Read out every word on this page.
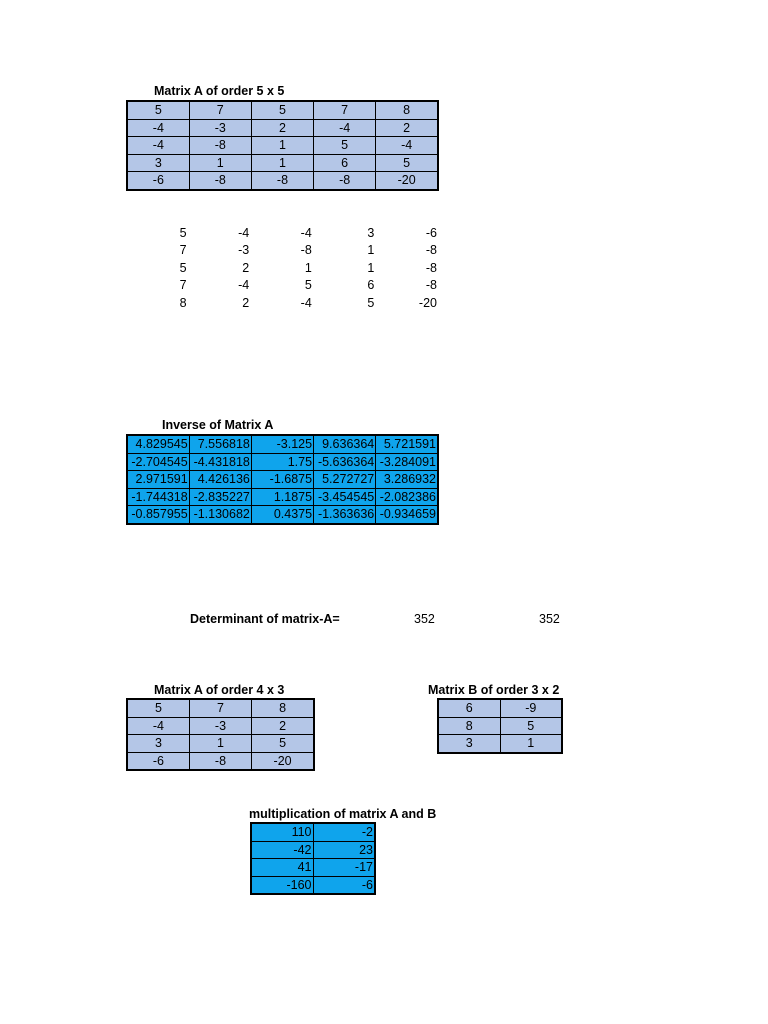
Matrix A of order 5 x 5
5	7	5	7	8
-4	-3	2	-4	2
-4	-8	1	5	-4
3	1	1	6	5
-6	-8	-8	-8	-20
5	-4	-4	3	-6
7	-3	-8	1	-8
5	2	1	1	-8
7	-4	5	6	-8
8	2	-4	5	-20
Inverse of Matrix A
4.829545	7.556818	-3.125	9.636364	5.721591
-2.704545	-4.431818	1.75	-5.636364	-3.284091
2.971591	4.426136	-1.6875	5.272727	3.286932
-1.744318	-2.835227	1.1875	-3.454545	-2.082386
-0.857955	-1.130682	0.4375	-1.363636	-0.934659
Determinant of matrix-A=	352	352
Matrix A of order 4 x 3
5	7	8
-4	-3	2
3	1	5
-6	-8	-20
Matrix B of order 3 x 2
6	-9
8	5
3	1
multiplication of matrix A and B
110	-2
-42	23
41	-17
-160	-6
